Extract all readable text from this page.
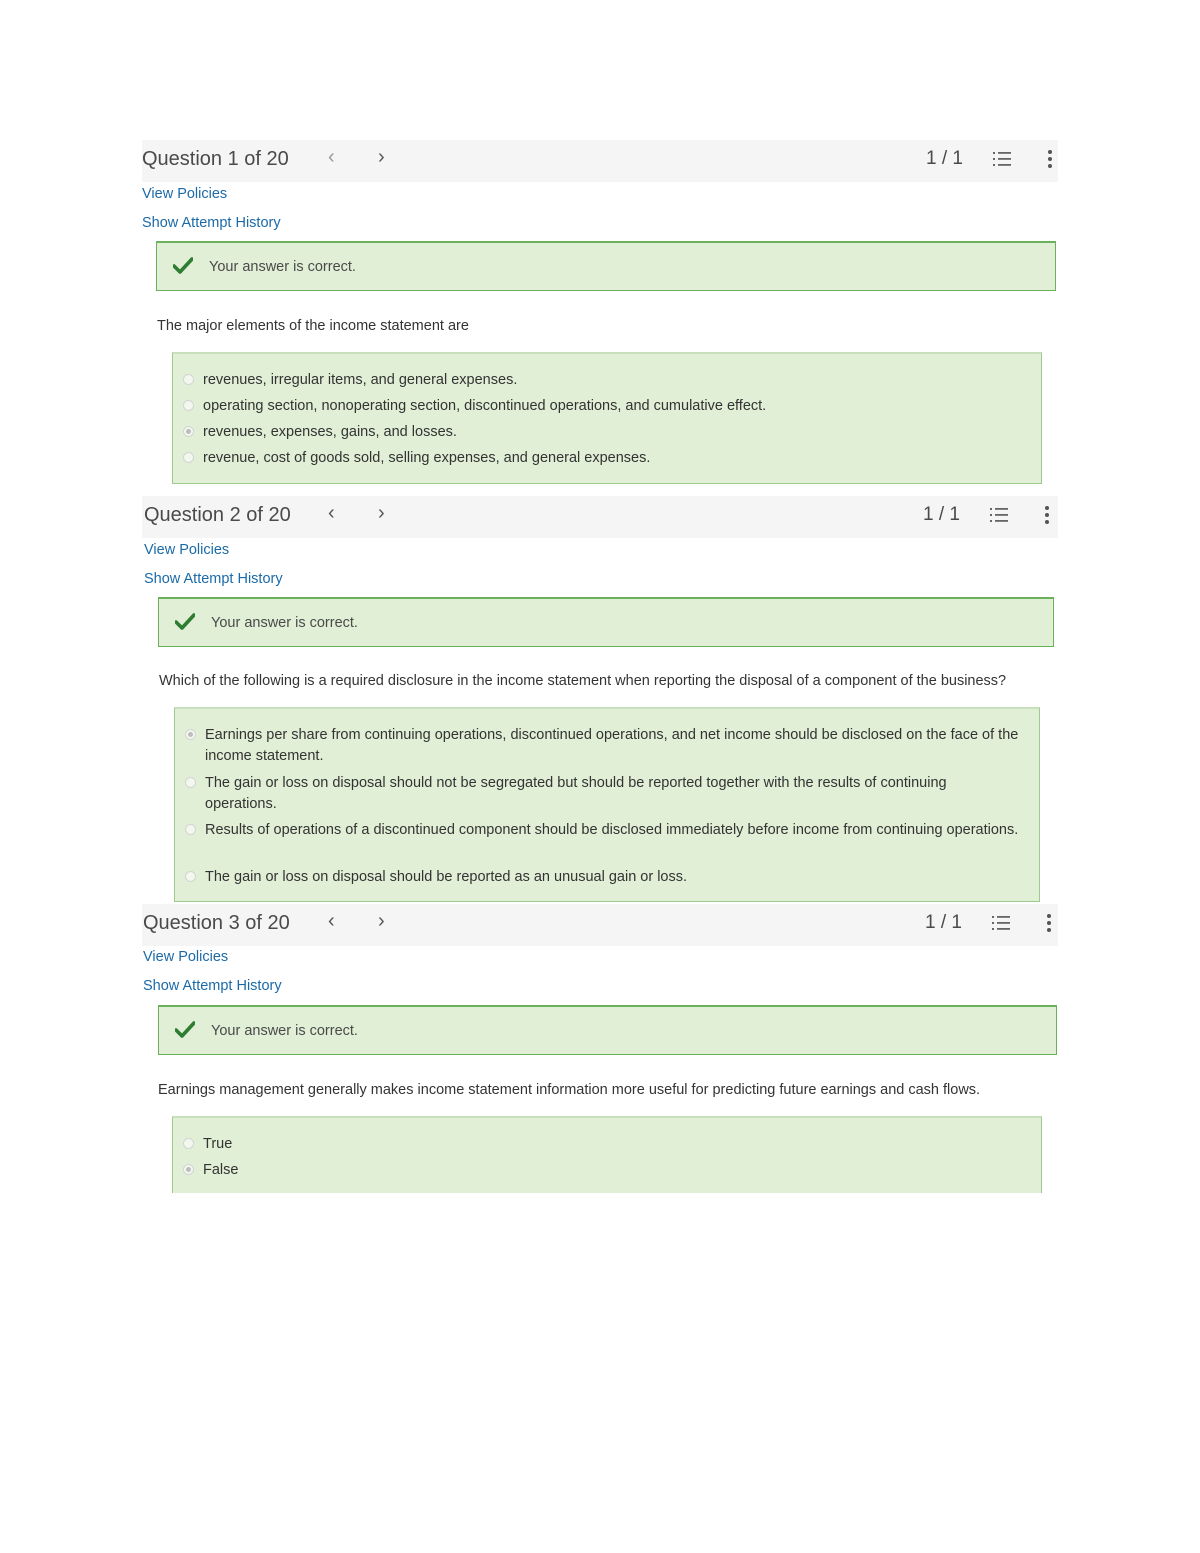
Question 1 of 20 ‹ ›	1 / 1
View Policies
Show Attempt History
Your answer is correct.
The major elements of the income statement are
revenues, irregular items, and general expenses.
operating section, nonoperating section, discontinued operations, and cumulative effect.
revenues, expenses, gains, and losses.
revenue, cost of goods sold, selling expenses, and general expenses.
Question 2 of 20 ‹ ›	1 / 1
View Policies
Show Attempt History
Your answer is correct.
Which of the following is a required disclosure in the income statement when reporting the disposal of a component of the business?
Earnings per share from continuing operations, discontinued operations, and net income should be disclosed on the face of the income statement.
The gain or loss on disposal should not be segregated but should be reported together with the results of continuing operations.
Results of operations of a discontinued component should be disclosed immediately before income from continuing operations.
The gain or loss on disposal should be reported as an unusual gain or loss.
Question 3 of 20 ‹ ›	1 / 1
View Policies
Show Attempt History
Your answer is correct.
Earnings management generally makes income statement information more useful for predicting future earnings and cash flows.
True
False
